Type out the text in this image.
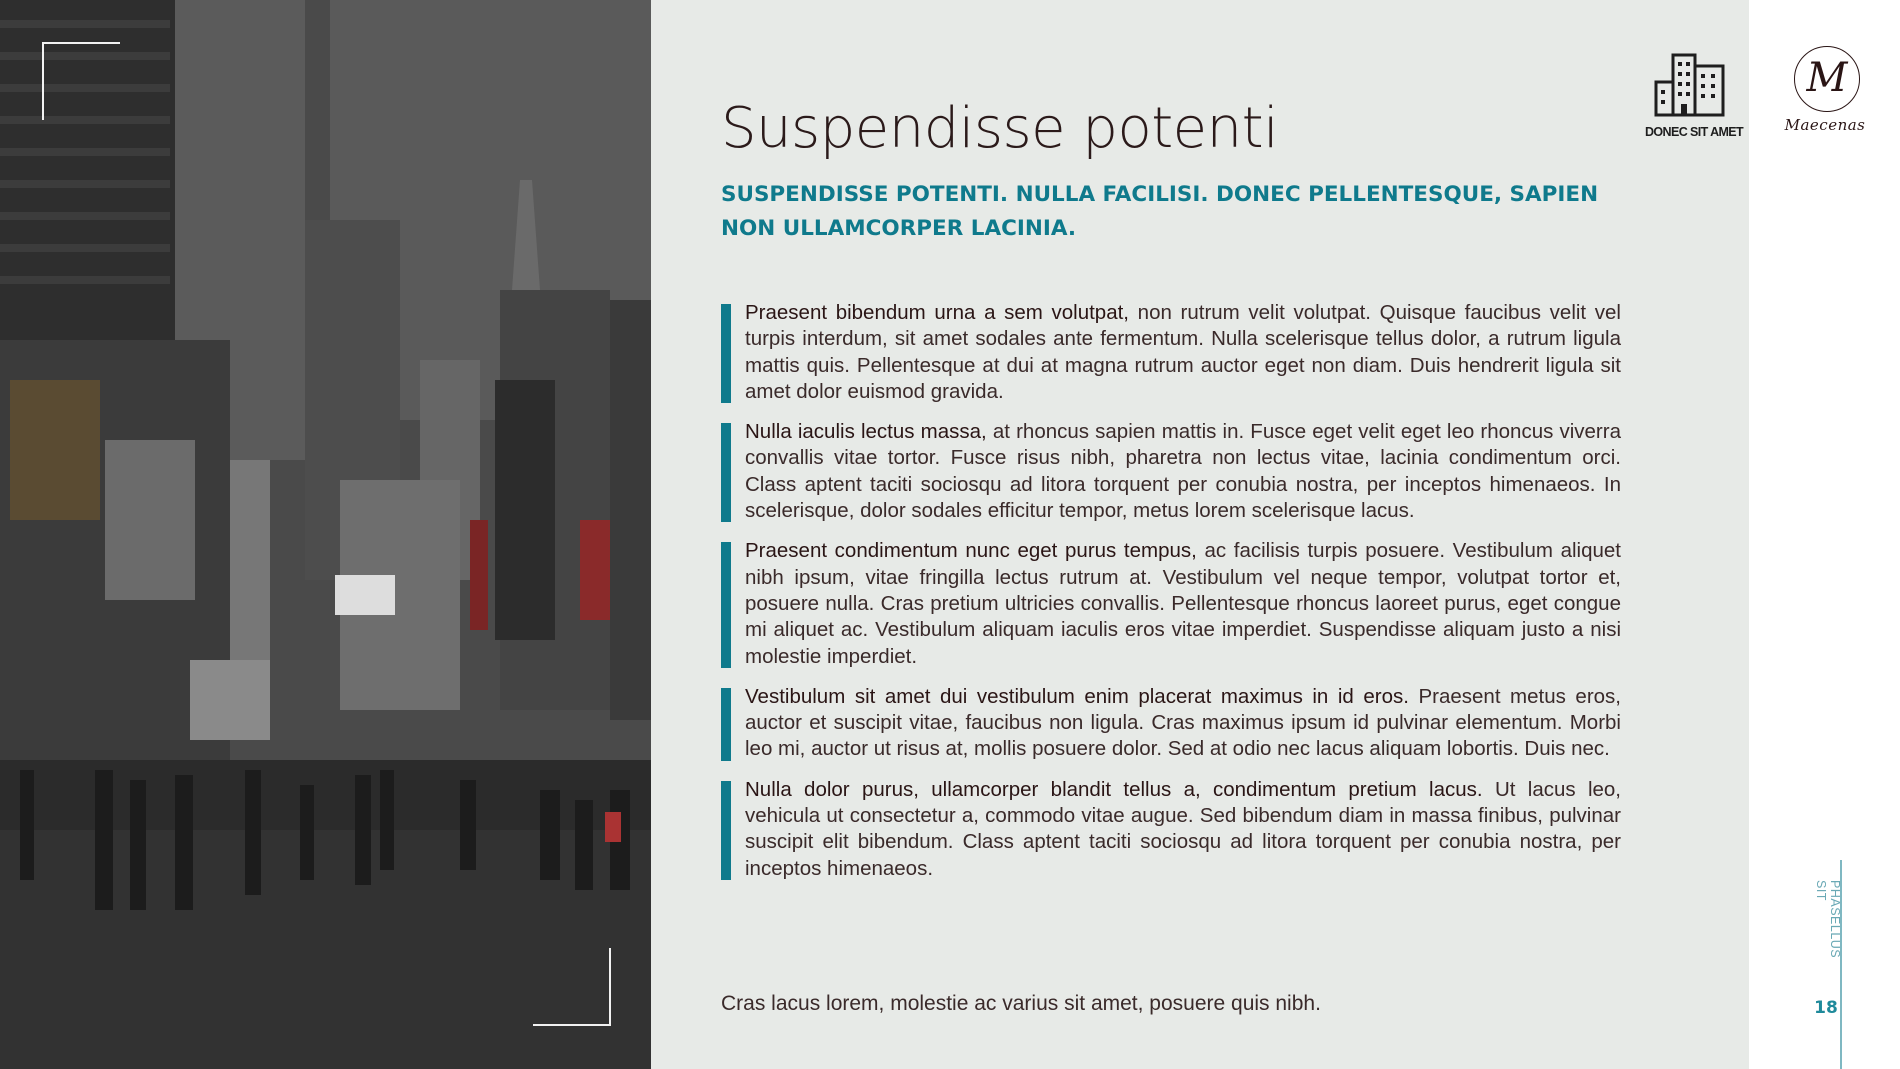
Suspendisse potenti

SUSPENDISSE POTENTI. NULLA FACILISI. DONEC PELLENTESQUE, SAPIEN NON ULLAMCORPER LACINIA.

Praesent bibendum urna a sem volutpat, non rutrum velit volutpat. Quisque faucibus velit vel turpis interdum, sit amet sodales ante fermentum. Nulla scelerisque tellus dolor, a rutrum ligula mattis quis. Pellentesque at dui at magna rutrum auctor eget non diam. Duis hendrerit ligula sit amet dolor euismod gravida.
Nulla iaculis lectus massa, at rhoncus sapien mattis in. Fusce eget velit eget leo rhoncus viverra convallis vitae tortor. Fusce risus nibh, pharetra non lectus vitae, lacinia condimentum orci. Class aptent taciti sociosqu ad litora torquent per conubia nostra, per inceptos himenaeos. In scelerisque, dolor sodales efficitur tempor, metus lorem scelerisque lacus.
Praesent condimentum nunc eget purus tempus, ac facilisis turpis posuere. Vestibulum aliquet nibh ipsum, vitae fringilla lectus rutrum at. Vestibulum vel neque tempor, volutpat tortor et, posuere nulla. Cras pretium ultricies convallis. Pellentesque rhoncus laoreet purus, eget congue mi aliquet ac. Vestibulum aliquam iaculis eros vitae imperdiet. Suspendisse aliquam justo a nisi molestie imperdiet.
Vestibulum sit amet dui vestibulum enim placerat maximus in id eros. Praesent metus eros, auctor et suscipit vitae, faucibus non ligula. Cras maximus ipsum id pulvinar elementum. Morbi leo mi, auctor ut risus at, mollis posuere dolor. Sed at odio nec lacus aliquam lobortis. Duis nec.
Nulla dolor purus, ullamcorper blandit tellus a, condimentum pretium lacus. Ut lacus leo, vehicula ut consectetur a, commodo vitae augue. Sed bibendum diam in massa finibus, pulvinar suscipit elit bibendum. Class aptent taciti sociosqu ad litora torquent per conubia nostra, per inceptos himenaeos.

Cras lacus lorem, molestie ac varius sit amet, posuere quis nibh.

DONEC SIT AMET
M
Maecenas
PHASELLUS SIT
18
